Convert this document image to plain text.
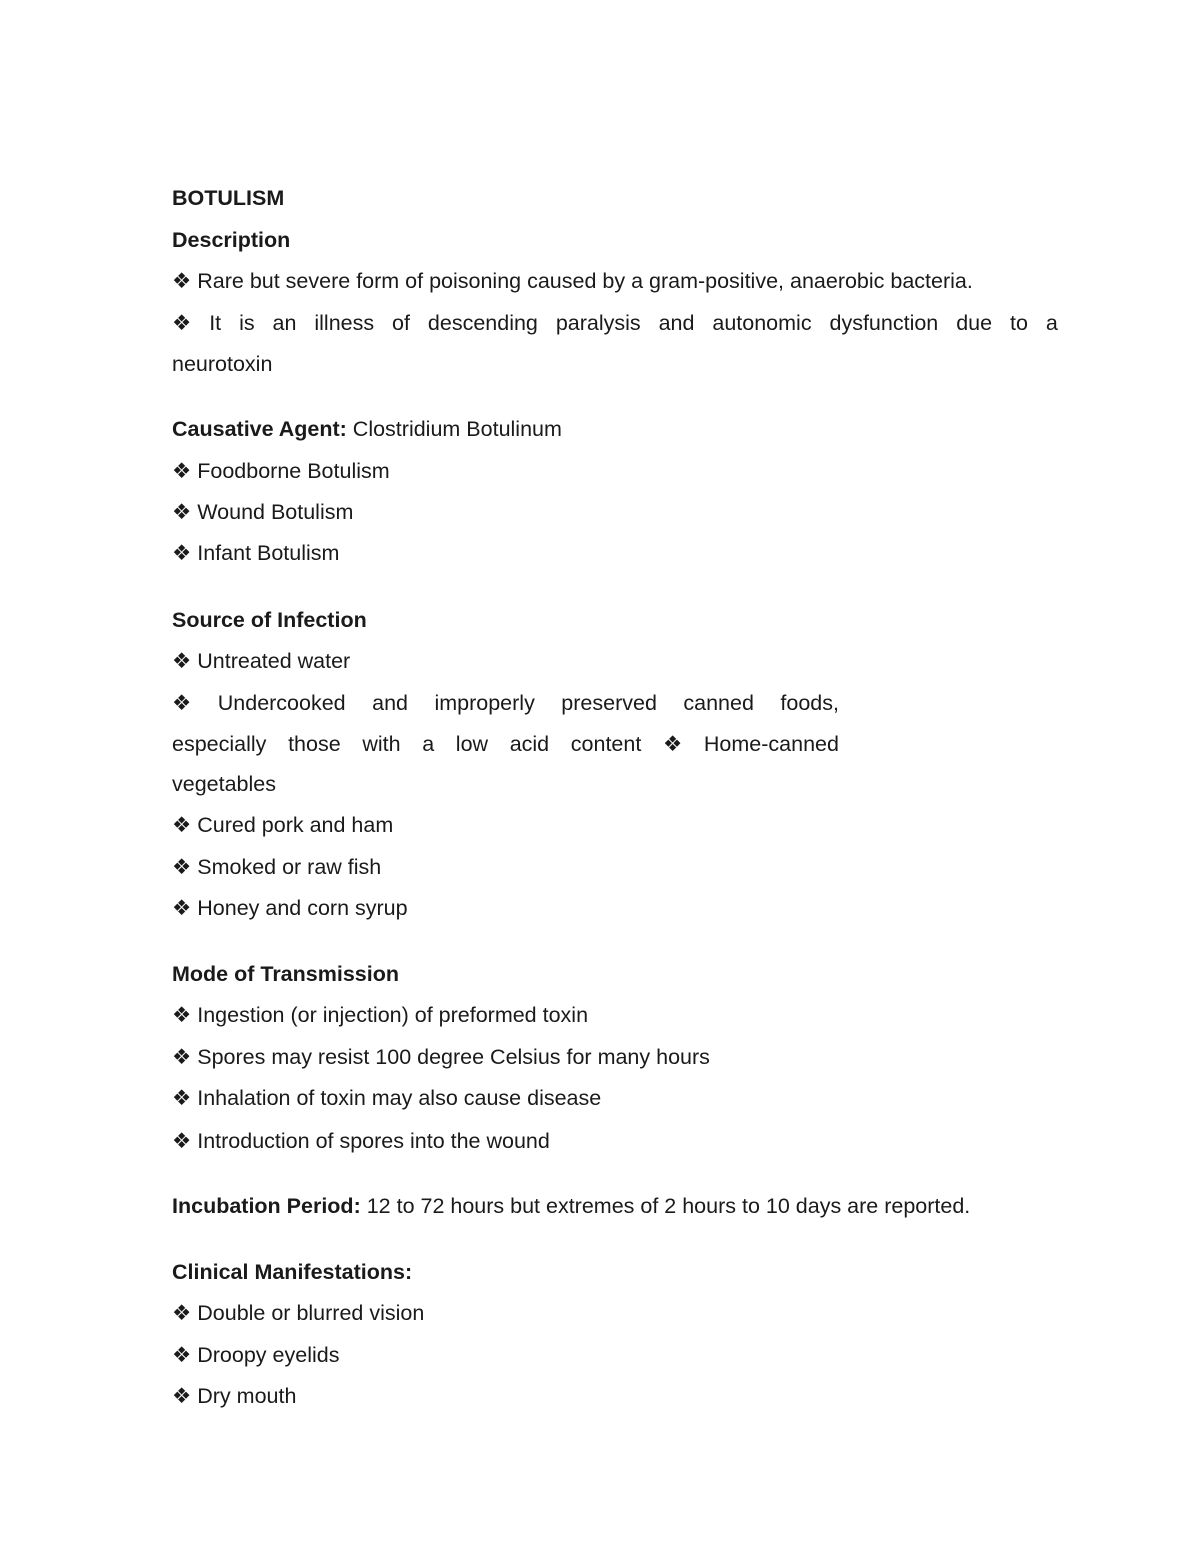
BOTULISM
Description
❖ Rare but severe form of poisoning caused by a gram-positive, anaerobic bacteria.
❖ It is an illness of descending paralysis and autonomic dysfunction due to a
neurotoxin
Causative Agent: Clostridium Botulinum
❖ Foodborne Botulism
❖ Wound Botulism
❖ Infant Botulism
Source of Infection
❖ Untreated water
❖ Undercooked and improperly preserved canned foods,
especially those with a low acid content ❖ Home-canned
vegetables
❖ Cured pork and ham
❖ Smoked or raw fish
❖ Honey and corn syrup
Mode of Transmission
❖ Ingestion (or injection) of preformed toxin
❖ Spores may resist 100 degree Celsius for many hours
❖ Inhalation of toxin may also cause disease
❖ Introduction of spores into the wound
Incubation Period: 12 to 72 hours but extremes of 2 hours to 10 days are reported.
Clinical Manifestations:
❖ Double or blurred vision
❖ Droopy eyelids
❖ Dry mouth
